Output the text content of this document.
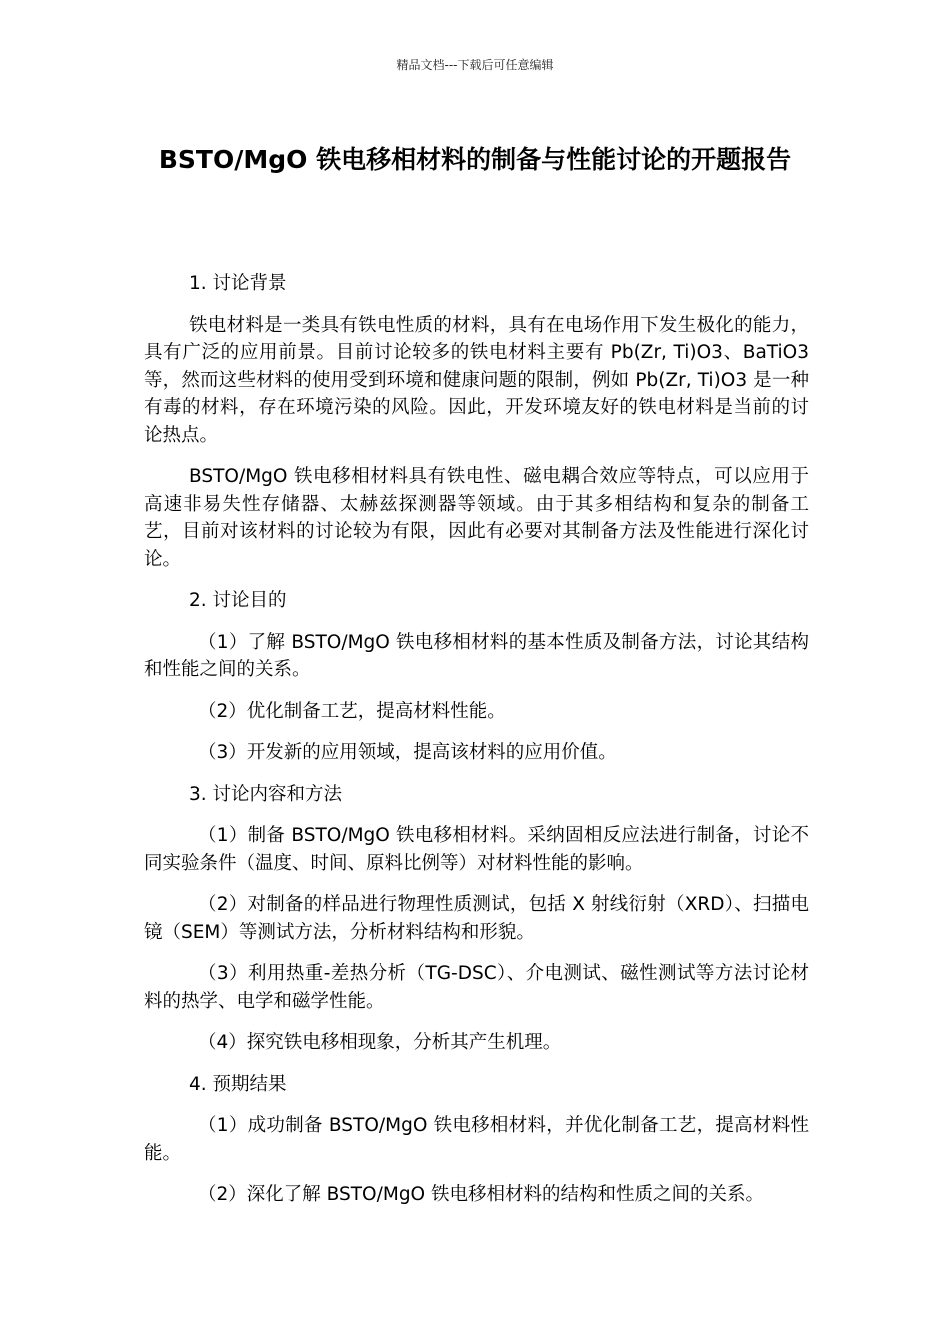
精品文档---下载后可任意编辑
BSTO/MgO 铁电移相材料的制备与性能讨论的开题报告

1. 讨论背景

铁电材料是一类具有铁电性质的材料，具有在电场作用下发生极化的能力，具有广泛的应用前景。目前讨论较多的铁电材料主要有 Pb(Zr, Ti)O3、BaTiO3 等，然而这些材料的使用受到环境和健康问题的限制，例如 Pb(Zr, Ti)O3 是一种有毒的材料，存在环境污染的风险。因此，开发环境友好的铁电材料是当前的讨论热点。

BSTO/MgO 铁电移相材料具有铁电性、磁电耦合效应等特点，可以应用于高速非易失性存储器、太赫兹探测器等领域。由于其多相结构和复杂的制备工艺，目前对该材料的讨论较为有限，因此有必要对其制备方法及性能进行深化讨论。

2. 讨论目的

（1）了解 BSTO/MgO 铁电移相材料的基本性质及制备方法，讨论其结构和性能之间的关系。

（2）优化制备工艺，提高材料性能。

（3）开发新的应用领域，提高该材料的应用价值。

3. 讨论内容和方法

（1）制备 BSTO/MgO 铁电移相材料。采纳固相反应法进行制备，讨论不同实验条件（温度、时间、原料比例等）对材料性能的影响。

（2）对制备的样品进行物理性质测试，包括 X 射线衍射（XRD）、扫描电镜（SEM）等测试方法，分析材料结构和形貌。

（3）利用热重-差热分析（TG-DSC）、介电测试、磁性测试等方法讨论材料的热学、电学和磁学性能。

（4）探究铁电移相现象，分析其产生机理。

4. 预期结果

（1）成功制备 BSTO/MgO 铁电移相材料，并优化制备工艺，提高材料性能。

（2）深化了解 BSTO/MgO 铁电移相材料的结构和性质之间的关系。
